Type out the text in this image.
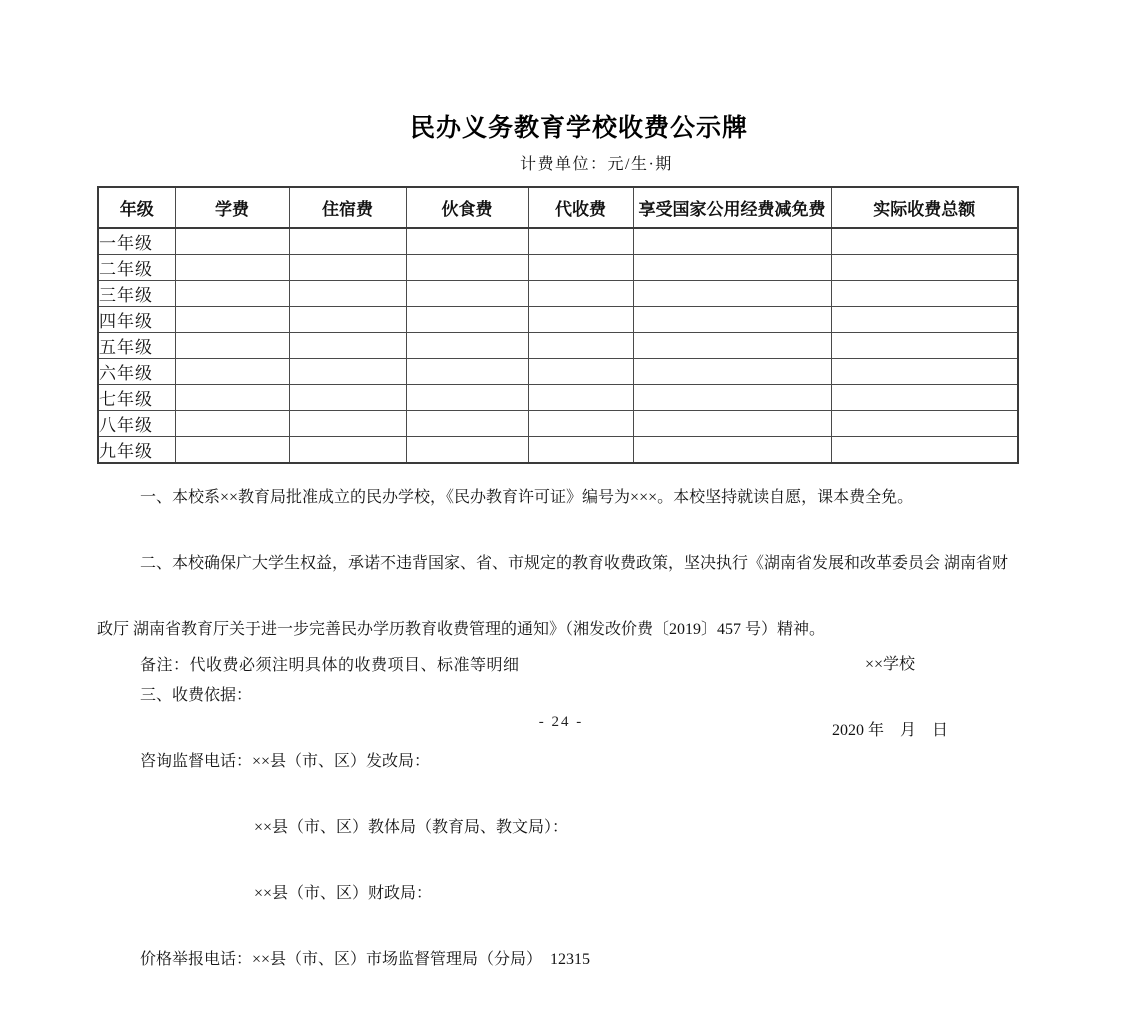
民办义务教育学校收费公示牌
计费单位：元/生·期
年级	学费	住宿费	伙食费	代收费	享受国家公用经费减免费	实际收费总额
一年级						
二年级						
三年级						
四年级						
五年级						
六年级						
七年级						
八年级						
九年级						

一、本校系××教育局批准成立的民办学校，《民办教育许可证》编号为×××。本校坚持就读自愿，课本费全免。

二、本校确保广大学生权益，承诺不违背国家、省、市规定的教育收费政策，坚决执行《湖南省发展和改革委员会 湖南省财

政厅 湖南省教育厅关于进一步完善民办学历教育收费管理的通知》（湘发改价费〔2019〕457 号）精神。

三、收费依据：

咨询监督电话：××县（市、区）发改局：

××县（市、区）教体局（教育局、教文局）：

××县（市、区）财政局：

价格举报电话：××县（市、区）市场监督管理局（分局）　12315

××学校

2020 年　月　日

备注：代收费必须注明具体的收费项目、标准等明细
- 24 -
